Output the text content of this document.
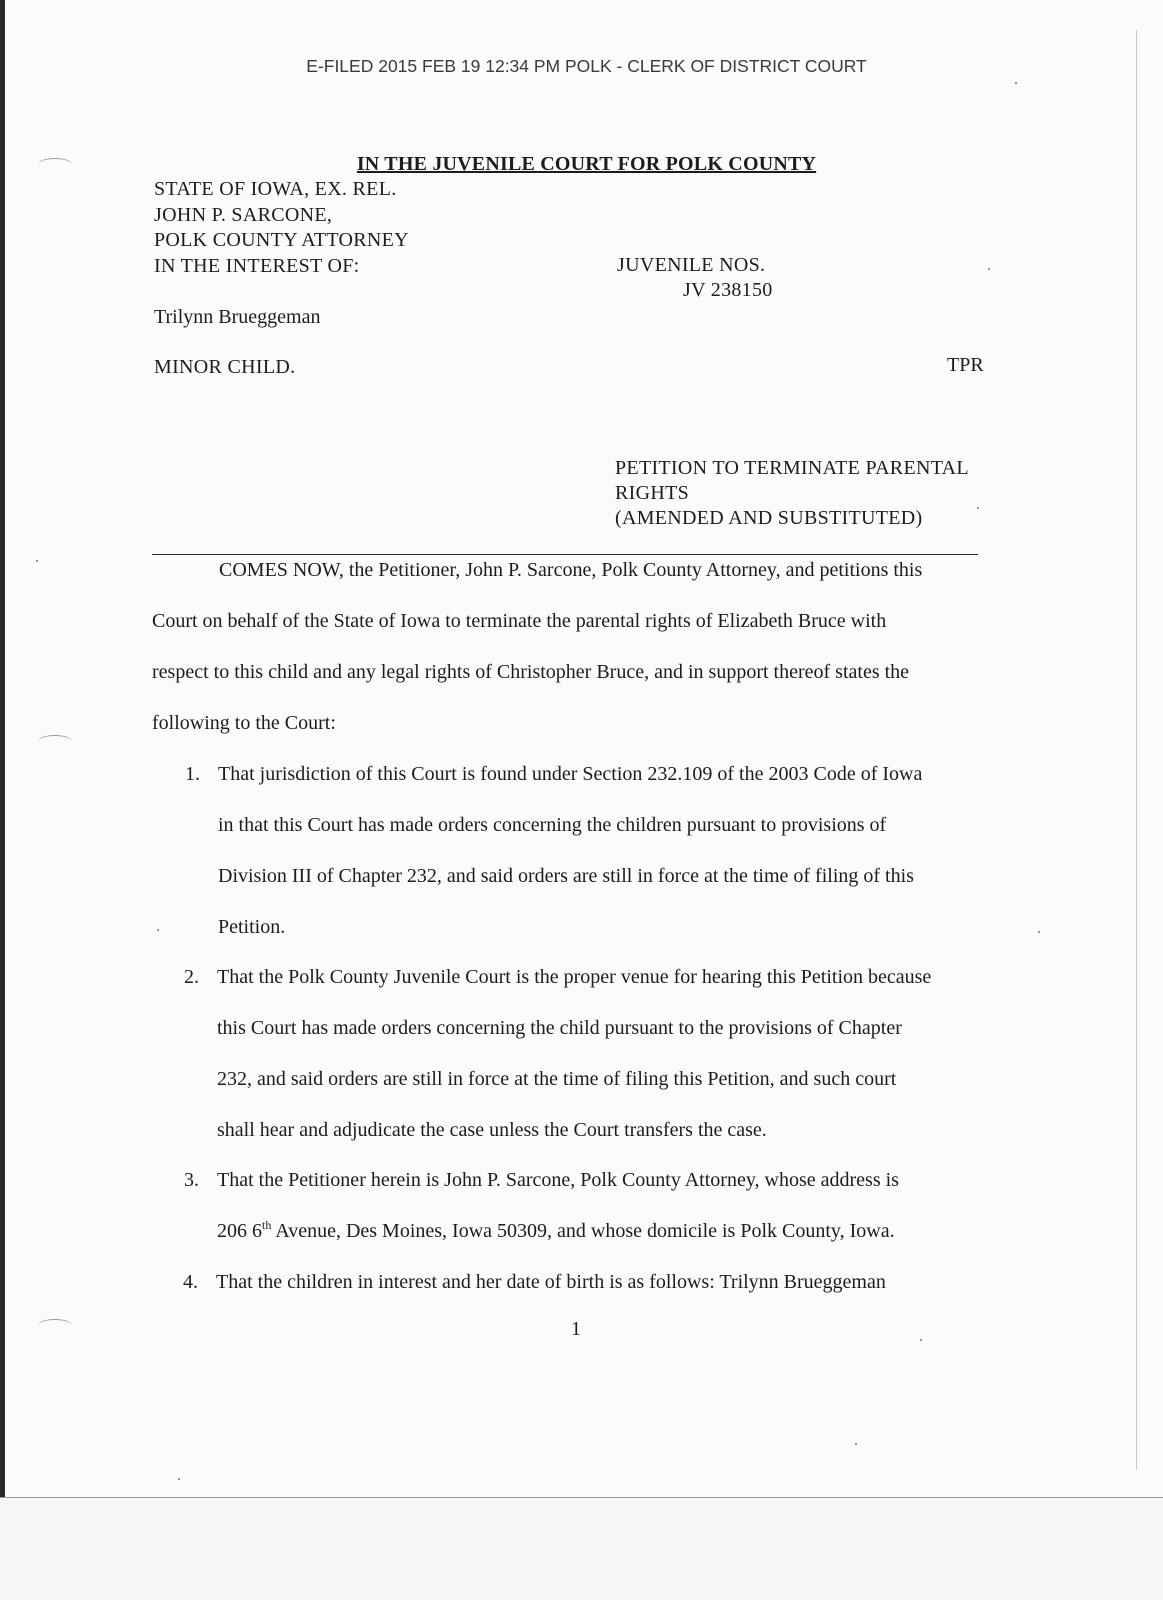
E-FILED 2015 FEB 19 12:34 PM POLK - CLERK OF DISTRICT COURT
IN THE JUVENILE COURT FOR POLK COUNTY
STATE OF IOWA, EX. REL.
JOHN P. SARCONE,
POLK COUNTY ATTORNEY
IN THE INTEREST OF:	JUVENILE NOS.
JV 238150
Trilynn Brueggeman
MINOR CHILD.	TPR
PETITION TO TERMINATE PARENTAL
RIGHTS
(AMENDED AND SUBSTITUTED)
COMES NOW, the Petitioner, John P. Sarcone, Polk County Attorney, and petitions this
Court on behalf of the State of Iowa to terminate the parental rights of Elizabeth Bruce with
respect to this child and any legal rights of Christopher Bruce, and in support thereof states the
following to the Court:
1. That jurisdiction of this Court is found under Section 232.109 of the 2003 Code of Iowa
in that this Court has made orders concerning the children pursuant to provisions of
Division III of Chapter 232, and said orders are still in force at the time of filing of this
Petition.
2. That the Polk County Juvenile Court is the proper venue for hearing this Petition because
this Court has made orders concerning the child pursuant to the provisions of Chapter
232, and said orders are still in force at the time of filing this Petition, and such court
shall hear and adjudicate the case unless the Court transfers the case.
3. That the Petitioner herein is John P. Sarcone, Polk County Attorney, whose address is
206 6th Avenue, Des Moines, Iowa 50309, and whose domicile is Polk County, Iowa.
4. That the children in interest and her date of birth is as follows: Trilynn Brueggeman
1
